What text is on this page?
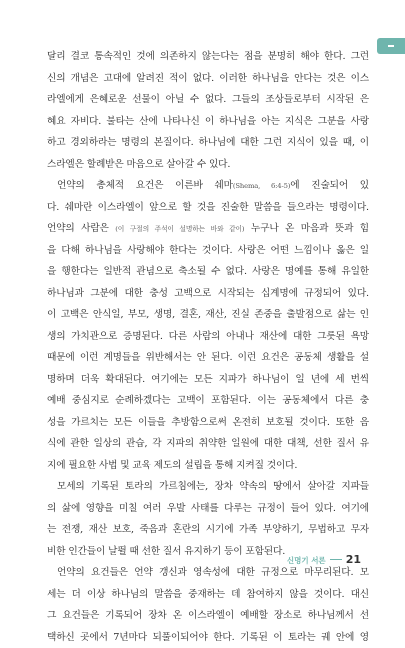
달리 결코 통속적인 것에 의존하지 않는다는 점을 분명히 해야 한다. 그런
신의 개념은 고대에 알려진 적이 없다. 이러한 하나님을 안다는 것은 이스
라엘에게 은혜로운 선물이 아닐 수 없다. 그들의 조상들로부터 시작된 은
혜요 자비다. 불타는 산에 나타나신 이 하나님을 아는 지식은 그분을 사랑
하고 경외하라는 명령의 본질이다. 하나님에 대한 그런 지식이 있을 때, 이
스라엘은 할례받은 마음으로 살아갈 수 있다.
언약의 총체적 요건은 이른바 쉐마(Shema, 6:4-5)에 진술되어 있
다. 쉐마란 이스라엘이 앞으로 할 것을 진술한 말씀을 들으라는 명령이다.
언약의 사람은 (이 구절의 주석이 설명하는 바와 같이) 누구나 온 마음과 뜻과 힘
을 다해 하나님을 사랑해야 한다는 것이다. 사랑은 어떤 느낌이나 옳은 일
을 행한다는 일반적 관념으로 축소될 수 없다. 사랑은 명예를 통해 유일한
하나님과 그분에 대한 충성 고백으로 시작되는 십계명에 규정되어 있다.
이 고백은 안식일, 부모, 생명, 결혼, 재산, 진실 존중을 출발점으로 삶는 인
생의 가치관으로 증명된다. 다른 사람의 아내나 재산에 대한 그릇된 욕망
때문에 이런 계명들을 위반해서는 안 된다. 이런 요건은 공동체 생활을 설
명하며 더욱 확대된다. 여기에는 모든 지파가 하나님이 일 년에 세 번씩
예배 중심지로 순례하겠다는 고백이 포함된다. 이는 공동체에서 다른 충
성을 가르치는 모든 이들을 추방함으로써 온전히 보호될 것이다. 또한 음
식에 관한 일상의 관습, 각 지파의 취약한 일원에 대한 대책, 선한 질서 유
지에 필요한 사법 및 교육 제도의 설립을 통해 지켜질 것이다.
모세의 기록된 토라의 가르침에는, 장차 약속의 땅에서 살아갈 지파들
의 삶에 영향을 미칠 여러 우발 사태를 다루는 규정이 들어 있다. 여기에
는 전쟁, 재산 보호, 죽음과 혼란의 시기에 가족 부양하기, 무법하고 무자
비한 인간들이 날뛸 때 선한 질서 유지하기 등이 포함된다.
언약의 요건들은 언약 갱신과 영속성에 대한 규정으로 마무리된다. 모
세는 더 이상 하나님의 말씀을 중재하는 데 참여하지 않을 것이다. 대신
그 요건들은 기록되어 장차 온 이스라엘이 예배할 장소로 하나님께서 선
택하신 곳에서 7년마다 되풀이되어야 한다. 기록된 이 토라는 궤 안에 영
신명기 서론 21
